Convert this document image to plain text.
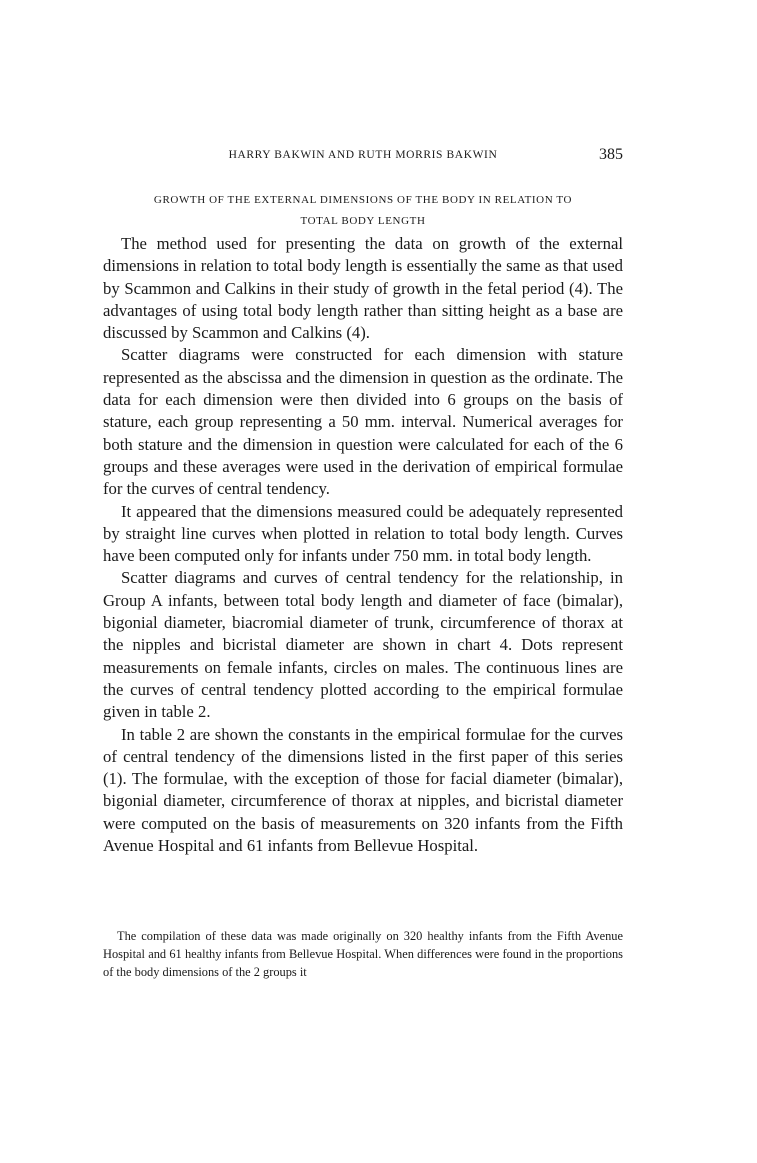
HARRY BAKWIN AND RUTH MORRIS BAKWIN	385
GROWTH OF THE EXTERNAL DIMENSIONS OF THE BODY IN RELATION TO
TOTAL BODY LENGTH

The method used for presenting the data on growth of the external dimensions in relation to total body length is essentially the same as that used by Scammon and Calkins in their study of growth in the fetal period (4). The advantages of using total body length rather than sitting height as a base are discussed by Scammon and Calkins (4).

Scatter diagrams were constructed for each dimension with stature represented as the abscissa and the dimension in question as the ordinate. The data for each dimension were then divided into 6 groups on the basis of stature, each group representing a 50 mm. interval. Numerical averages for both stature and the dimension in question were calculated for each of the 6 groups and these averages were used in the derivation of empirical formulae for the curves of central tendency.

It appeared that the dimensions measured could be adequately represented by straight line curves when plotted in relation to total body length. Curves have been computed only for infants under 750 mm. in total body length.

Scatter diagrams and curves of central tendency for the relationship, in Group A infants, between total body length and diameter of face (bimalar), bigonial diameter, biacromial diameter of trunk, circumference of thorax at the nipples and bicristal diameter are shown in chart 4. Dots represent measurements on female infants, circles on males. The continuous lines are the curves of central tendency plotted according to the empirical formulae given in table 2.

In table 2 are shown the constants in the empirical formulae for the curves of central tendency of the dimensions listed in the first paper of this series (1). The formulae, with the exception of those for facial diameter (bimalar), bigonial diameter, circumference of thorax at nipples, and bicristal diameter were computed on the basis of measurements on 320 infants from the Fifth Avenue Hospital and 61 infants from Bellevue Hospital.

The compilation of these data was made originally on 320 healthy infants from the Fifth Avenue Hospital and 61 healthy infants from Bellevue Hospital. When differences were found in the proportions of the body dimensions of the 2 groups it
